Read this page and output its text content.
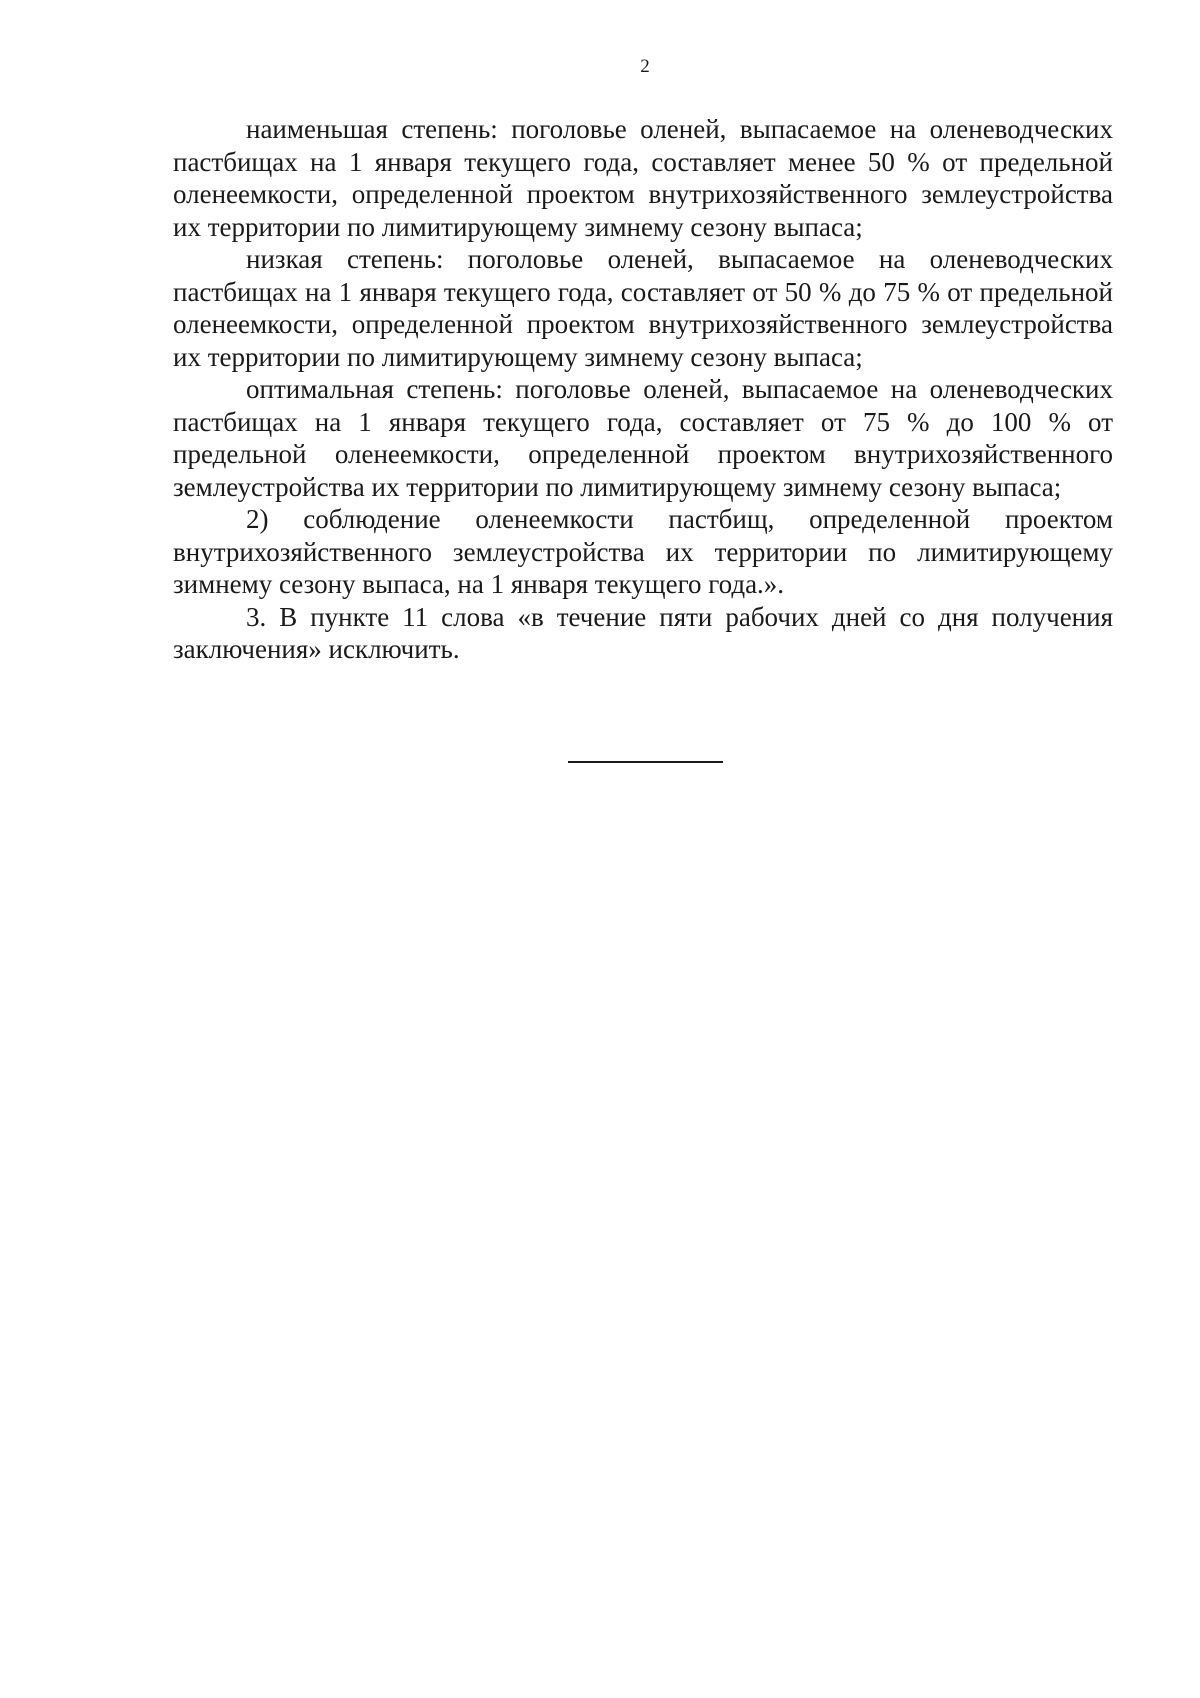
2

наименьшая степень: поголовье оленей, выпасаемое на оленеводческих пастбищах на 1 января текущего года, составляет менее 50 % от предельной оленеемкости, определенной проектом внутрихозяйственного землеустройства их территории по лимитирующему зимнему сезону выпаса;

низкая степень: поголовье оленей, выпасаемое на оленеводческих пастбищах на 1 января текущего года, составляет от 50 % до 75 % от предельной оленеемкости, определенной проектом внутрихозяйственного землеустройства их территории по лимитирующему зимнему сезону выпаса;

оптимальная степень: поголовье оленей, выпасаемое на оленеводческих пастбищах на 1 января текущего года, составляет от 75 % до 100 % от предельной оленеемкости, определенной проектом внутрихозяйственного землеустройства их территории по лимитирующему зимнему сезону выпаса;

2) соблюдение оленеемкости пастбищ, определенной проектом внутрихозяйственного землеустройства их территории по лимитирующему зимнему сезону выпаса, на 1 января текущего года.».

3. В пункте 11 слова «в течение пяти рабочих дней со дня получения заключения» исключить.
